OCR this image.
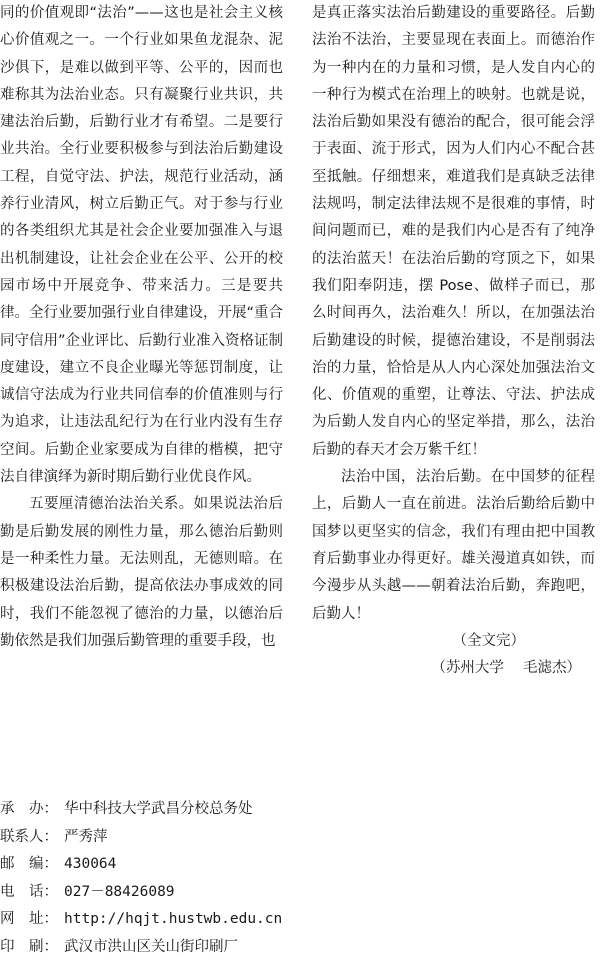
同的价值观即“法治”——这也是社会主义核心价值观之一。一个行业如果鱼龙混杂、泥沙俱下，是难以做到平等、公平的，因而也难称其为法治业态。只有凝聚行业共识，共建法治后勤，后勤行业才有希望。二是要行业共治。全行业要积极参与到法治后勤建设工程，自觉守法、护法，规范行业活动，涵养行业清风，树立后勤正气。对于参与行业的各类组织尤其是社会企业要加强准入与退出机制建设，让社会企业在公平、公开的校园市场中开展竞争、带来活力。三是要共律。全行业要加强行业自律建设，开展“重合同守信用”企业评比、后勤行业准入资格证制度建设，建立不良企业曝光等惩罚制度，让诚信守法成为行业共同信奉的价值准则与行为追求，让违法乱纪行为在行业内没有生存空间。后勤企业家要成为自律的楷模，把守法自律演绎为新时期后勤行业优良作风。

五要厘清德治法治关系。如果说法治后勤是后勤发展的刚性力量，那么德治后勤则是一种柔性力量。无法则乱，无德则暗。在积极建设法治后勤，提高依法办事成效的同时，我们不能忽视了德治的力量，以德治后勤依然是我们加强后勤管理的重要手段，也

是真正落实法治后勤建设的重要路径。后勤法治不法治，主要显现在表面上。而德治作为一种内在的力量和习惯，是人发自内心的一种行为模式在治理上的映射。也就是说，法治后勤如果没有德治的配合，很可能会浮于表面、流于形式，因为人们内心不配合甚至抵触。仔细想来，难道我们是真缺乏法律法规吗，制定法律法规不是很难的事情，时间问题而已，难的是我们内心是否有了纯净的法治蓝天！在法治后勤的穹顶之下，如果我们阳奉阴违，摆 Pose、做样子而已，那么时间再久，法治难久！所以，在加强法治后勤建设的时候，提德治建设，不是削弱法治的力量，恰恰是从人内心深处加强法治文化、价值观的重塑，让尊法、守法、护法成为后勤人发自内心的坚定举措，那么，法治后勤的春天才会万紫千红！

法治中国，法治后勤。在中国梦的征程上，后勤人一直在前进。法治后勤给后勤中国梦以更坚实的信念，我们有理由把中国教育后勤事业办得更好。雄关漫道真如铁，而今漫步从头越——朝着法治后勤，奔跑吧，后勤人！
（全文完）

（苏州大学　 毛滤杰）

承　办： 华中科技大学武昌分校总务处
联系人： 严秀萍
邮　编： 430064
电　话： 027－88426089
网　址： http://hqjt.hustwb.edu.cn
印　刷： 武汉市洪山区关山街印刷厂
